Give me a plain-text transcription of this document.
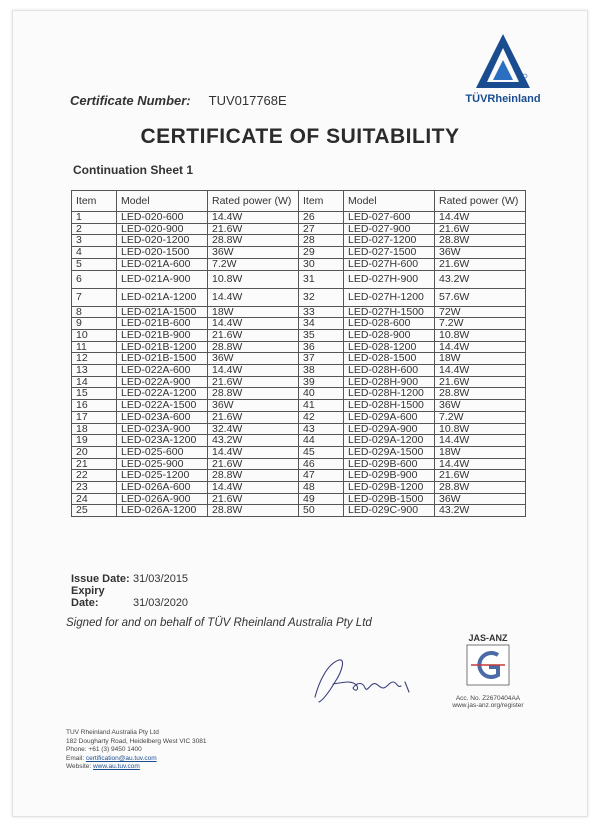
TÜVRheinland
Certificate Number: TUV017768E
CERTIFICATE OF SUITABILITY
Continuation Sheet 1
Item	Model	Rated power (W)	Item	Model	Rated power (W)
1	LED-020-600	14.4W	26	LED-027-600	14.4W
2	LED-020-900	21.6W	27	LED-027-900	21.6W
3	LED-020-1200	28.8W	28	LED-027-1200	28.8W
4	LED-020-1500	36W	29	LED-027-1500	36W
5	LED-021A-600	7.2W	30	LED-027H-600	21.6W
6	LED-021A-900	10.8W	31	LED-027H-900	43.2W
7	LED-021A-1200	14.4W	32	LED-027H-1200	57.6W
8	LED-021A-1500	18W	33	LED-027H-1500	72W
9	LED-021B-600	14.4W	34	LED-028-600	7.2W
10	LED-021B-900	21.6W	35	LED-028-900	10.8W
11	LED-021B-1200	28.8W	36	LED-028-1200	14.4W
12	LED-021B-1500	36W	37	LED-028-1500	18W
13	LED-022A-600	14.4W	38	LED-028H-600	14.4W
14	LED-022A-900	21.6W	39	LED-028H-900	21.6W
15	LED-022A-1200	28.8W	40	LED-028H-1200	28.8W
16	LED-022A-1500	36W	41	LED-028H-1500	36W
17	LED-023A-600	21.6W	42	LED-029A-600	7.2W
18	LED-023A-900	32.4W	43	LED-029A-900	10.8W
19	LED-023A-1200	43.2W	44	LED-029A-1200	14.4W
20	LED-025-600	14.4W	45	LED-029A-1500	18W
21	LED-025-900	21.6W	46	LED-029B-600	14.4W
22	LED-025-1200	28.8W	47	LED-029B-900	21.6W
23	LED-026A-600	14.4W	48	LED-029B-1200	28.8W
24	LED-026A-900	21.6W	49	LED-029B-1500	36W
25	LED-026A-1200	28.8W	50	LED-029C-900	43.2W
Issue Date: 31/03/2015
Expiry Date:	31/03/2020
Signed for and on behalf of TÜV Rheinland Australia Pty Ltd
JAS-ANZ
Acc. No. Z2670404AA
www.jas-anz.org/register
TUV Rheinland Australia Pty Ltd
182 Dougharty Road, Heidelberg West VIC 3081
Phone: +61 (3) 9450 1400
Email: certification@au.tuv.com
Website: www.au.tuv.com
